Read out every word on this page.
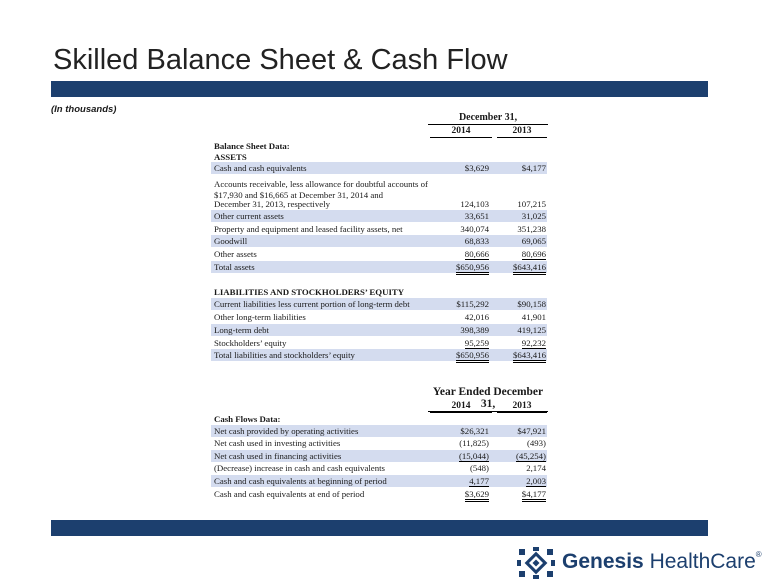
Skilled Balance Sheet & Cash Flow
(In thousands)
December 31,
2014	2013
Balance Sheet Data:
ASSETS
Cash and cash equivalents	$3,629	$4,177
Accounts receivable, less allowance for doubtful accounts of
$17,930 and $16,665 at December 31, 2014 and
December 31, 2013, respectively	124,103	107,215
Other current assets	33,651	31,025
Property and equipment and leased facility assets, net	340,074	351,238
Goodwill	68,833	69,065
Other assets	80,666	80,696
Total assets	$650,956	$643,416
LIABILITIES AND STOCKHOLDERS’ EQUITY
Current liabilities less current portion of long-term debt	$115,292	$90,158
Other long-term liabilities	42,016	41,901
Long-term debt	398,389	419,125
Stockholders’ equity	95,259	92,232
Total liabilities and stockholders’ equity	$650,956	$643,416
Year Ended December 31,
2014	2013
Cash Flows Data:
Net cash provided by operating activities	$26,321	$47,921
Net cash used in investing activities	(11,825)	(493)
Net cash used in financing activities	(15,044)	(45,254)
(Decrease) increase in cash and cash equivalents	(548)	2,174
Cash and cash equivalents at beginning of period	4,177	2,003
Cash and cash equivalents at end of period	$3,629	$4,177
Genesis HealthCare®
